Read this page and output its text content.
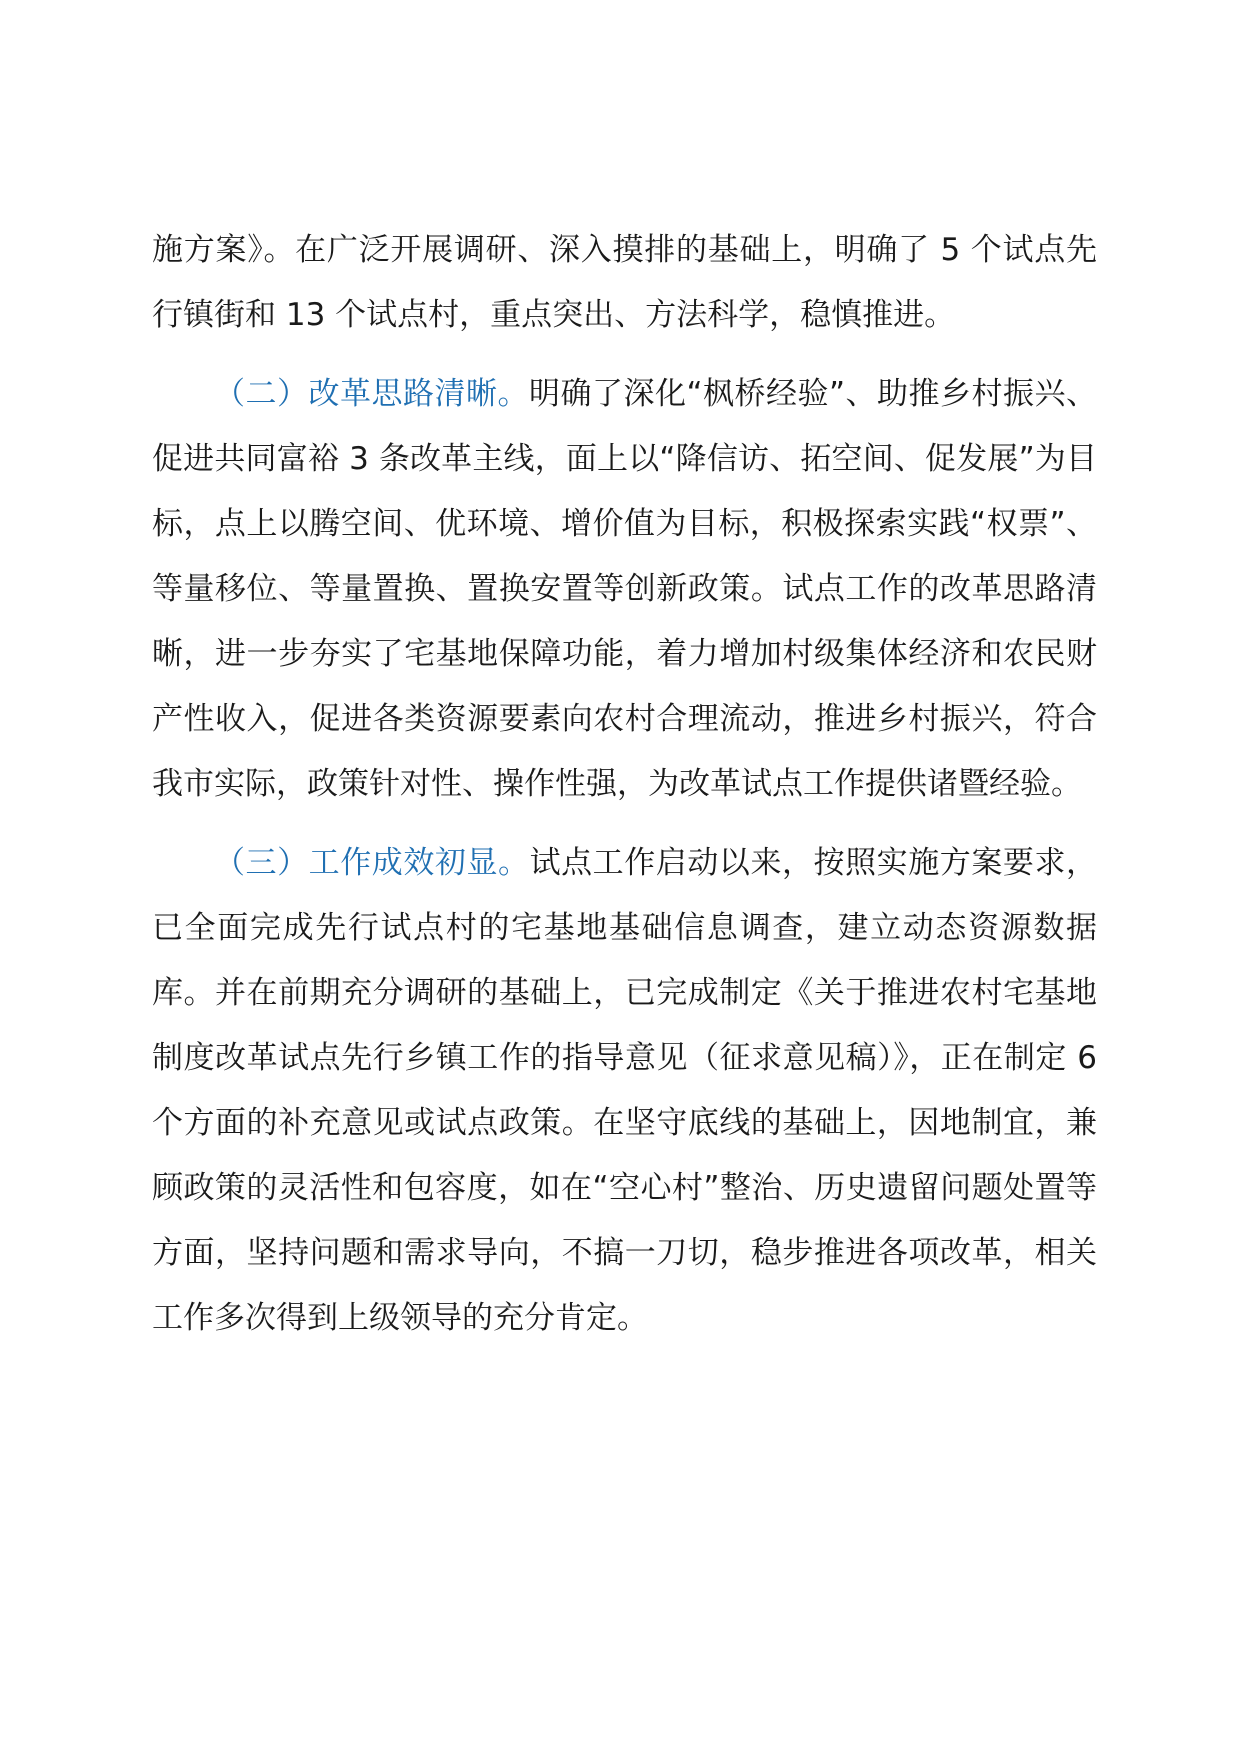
施方案》。在广泛开展调研、深入摸排的基础上，明确了 5 个试点先行镇街和 13 个试点村，重点突出、方法科学，稳慎推进。

（二）改革思路清晰。明确了深化“枫桥经验”、助推乡村振兴、促进共同富裕 3 条改革主线，面上以“降信访、拓空间、促发展”为目标，点上以腾空间、优环境、增价值为目标，积极探索实践“权票”、等量移位、等量置换、置换安置等创新政策。试点工作的改革思路清晰，进一步夯实了宅基地保障功能，着力增加村级集体经济和农民财产性收入，促进各类资源要素向农村合理流动，推进乡村振兴，符合我市实际，政策针对性、操作性强，为改革试点工作提供诸暨经验。

（三）工作成效初显。试点工作启动以来，按照实施方案要求，已全面完成先行试点村的宅基地基础信息调查，建立动态资源数据库。并在前期充分调研的基础上，已完成制定《关于推进农村宅基地制度改革试点先行乡镇工作的指导意见（征求意见稿）》，正在制定 6 个方面的补充意见或试点政策。在坚守底线的基础上，因地制宜，兼顾政策的灵活性和包容度，如在“空心村”整治、历史遗留问题处置等方面，坚持问题和需求导向，不搞一刀切，稳步推进各项改革，相关工作多次得到上级领导的充分肯定。
